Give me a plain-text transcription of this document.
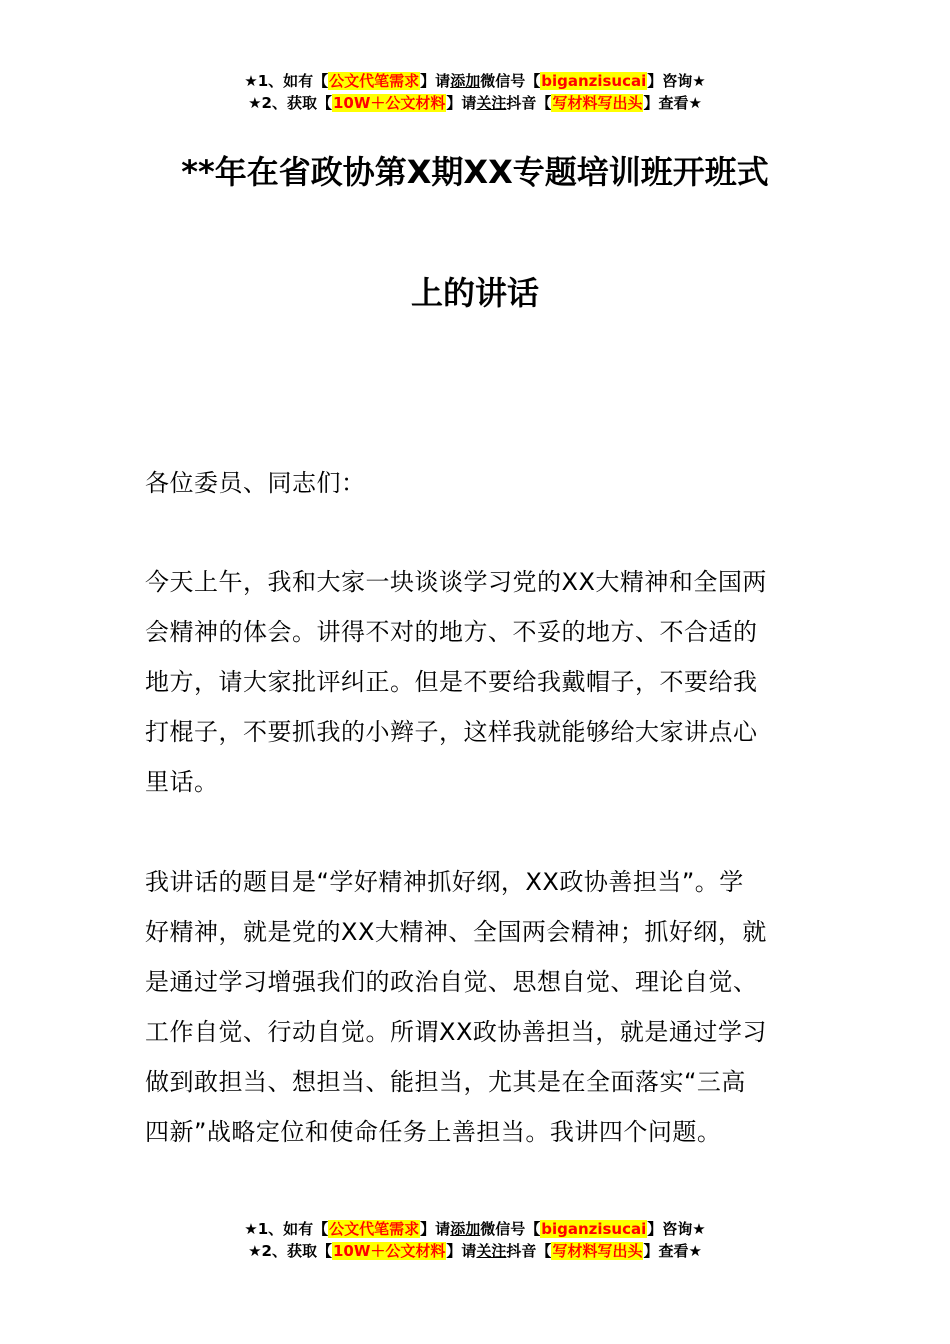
★1、如有【公文代笔需求】请添加微信号【biganzisucai】咨询★
★2、获取【10W＋公文材料】请关注抖音【写材料写出头】查看★
**年在省政协第X期XX专题培训班开班式
上的讲话
各位委员、同志们：
今天上午，我和大家一块谈谈学习党的XX大精神和全国两
会精神的体会。讲得不对的地方、不妥的地方、不合适的
地方，请大家批评纠正。但是不要给我戴帽子，不要给我
打棍子，不要抓我的小辫子，这样我就能够给大家讲点心
里话。
我讲话的题目是“学好精神抓好纲，XX政协善担当”。学
好精神，就是党的XX大精神、全国两会精神；抓好纲，就
是通过学习增强我们的政治自觉、思想自觉、理论自觉、
工作自觉、行动自觉。所谓XX政协善担当，就是通过学习
做到敢担当、想担当、能担当，尤其是在全面落实“三高
四新”战略定位和使命任务上善担当。我讲四个问题。
★1、如有【公文代笔需求】请添加微信号【biganzisucai】咨询★
★2、获取【10W＋公文材料】请关注抖音【写材料写出头】查看★
